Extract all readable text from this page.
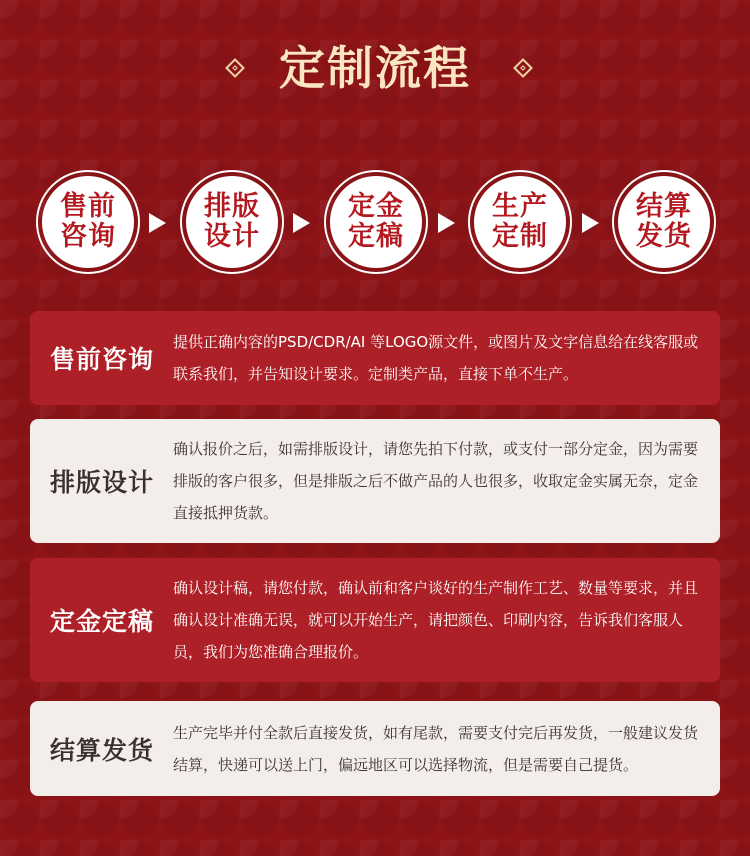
定制流程
售前咨询
排版设计
定金定稿
生产定制
结算发货
售前咨询
提供正确内容的PSD/CDR/AI 等LOGO源文件，或图片及文字信息给在线客服或联系我们，并告知设计要求。定制类产品，直接下单不生产。
排版设计
确认报价之后，如需排版设计，请您先拍下付款，或支付一部分定金，因为需要排版的客户很多，但是排版之后不做产品的人也很多，收取定金实属无奈，定金直接抵押货款。
定金定稿
确认设计稿，请您付款，确认前和客户谈好的生产制作工艺、数量等要求，并且确认设计准确无误，就可以开始生产，请把颜色、印刷内容，告诉我们客服人员，我们为您准确合理报价。
结算发货
生产完毕并付全款后直接发货，如有尾款，需要支付完后再发货，一般建议发货结算，快递可以送上门，偏远地区可以选择物流，但是需要自己提货。
